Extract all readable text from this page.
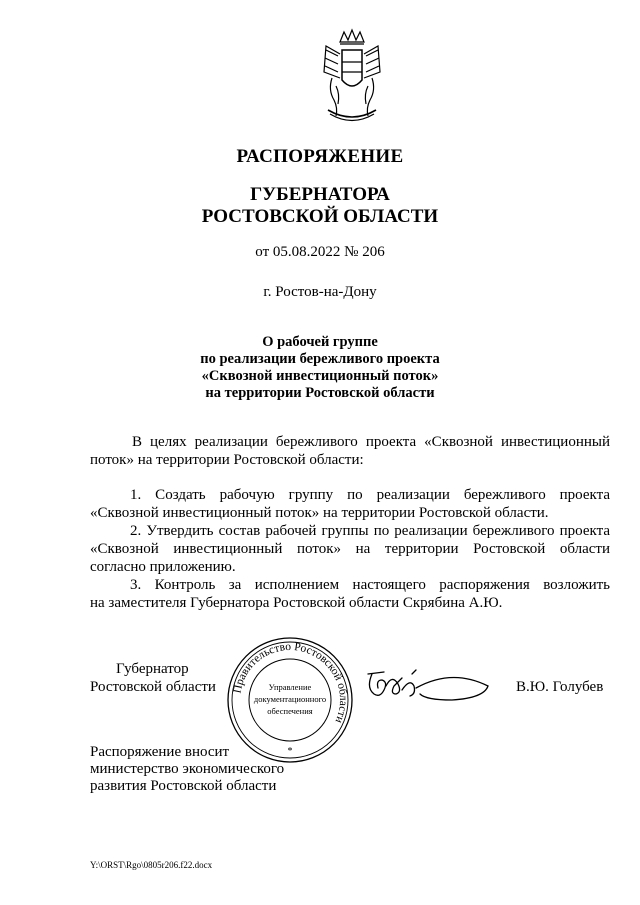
РАСПОРЯЖЕНИЕ
ГУБЕРНАТОРА
РОСТОВСКОЙ ОБЛАСТИ
от 05.08.2022 № 206
г. Ростов-на-Дону
О рабочей группе
по реализации бережливого проекта
«Сквозной инвестиционный поток»
на территории Ростовской области
В целях реализации бережливого проекта «Сквозной инвестиционный
поток» на территории Ростовской области:
1. Создать рабочую группу по реализации бережливого проекта
«Сквозной инвестиционный поток» на территории Ростовской области.
2. Утвердить состав рабочей группы по реализации бережливого проекта
«Сквозной инвестиционный поток» на территории Ростовской области
согласно приложению.
3. Контроль за исполнением настоящего распоряжения возложить
на заместителя Губернатора Ростовской области Скрябина А.Ю.
Губернатор
Ростовской области Правительство Ростовской области
*
Управление
документационного
обеспечения
В.Ю. Голубев
Распоряжение вносит
министерство экономического
развития Ростовской области
Y:\ORST\Rgo\0805r206.f22.docx
